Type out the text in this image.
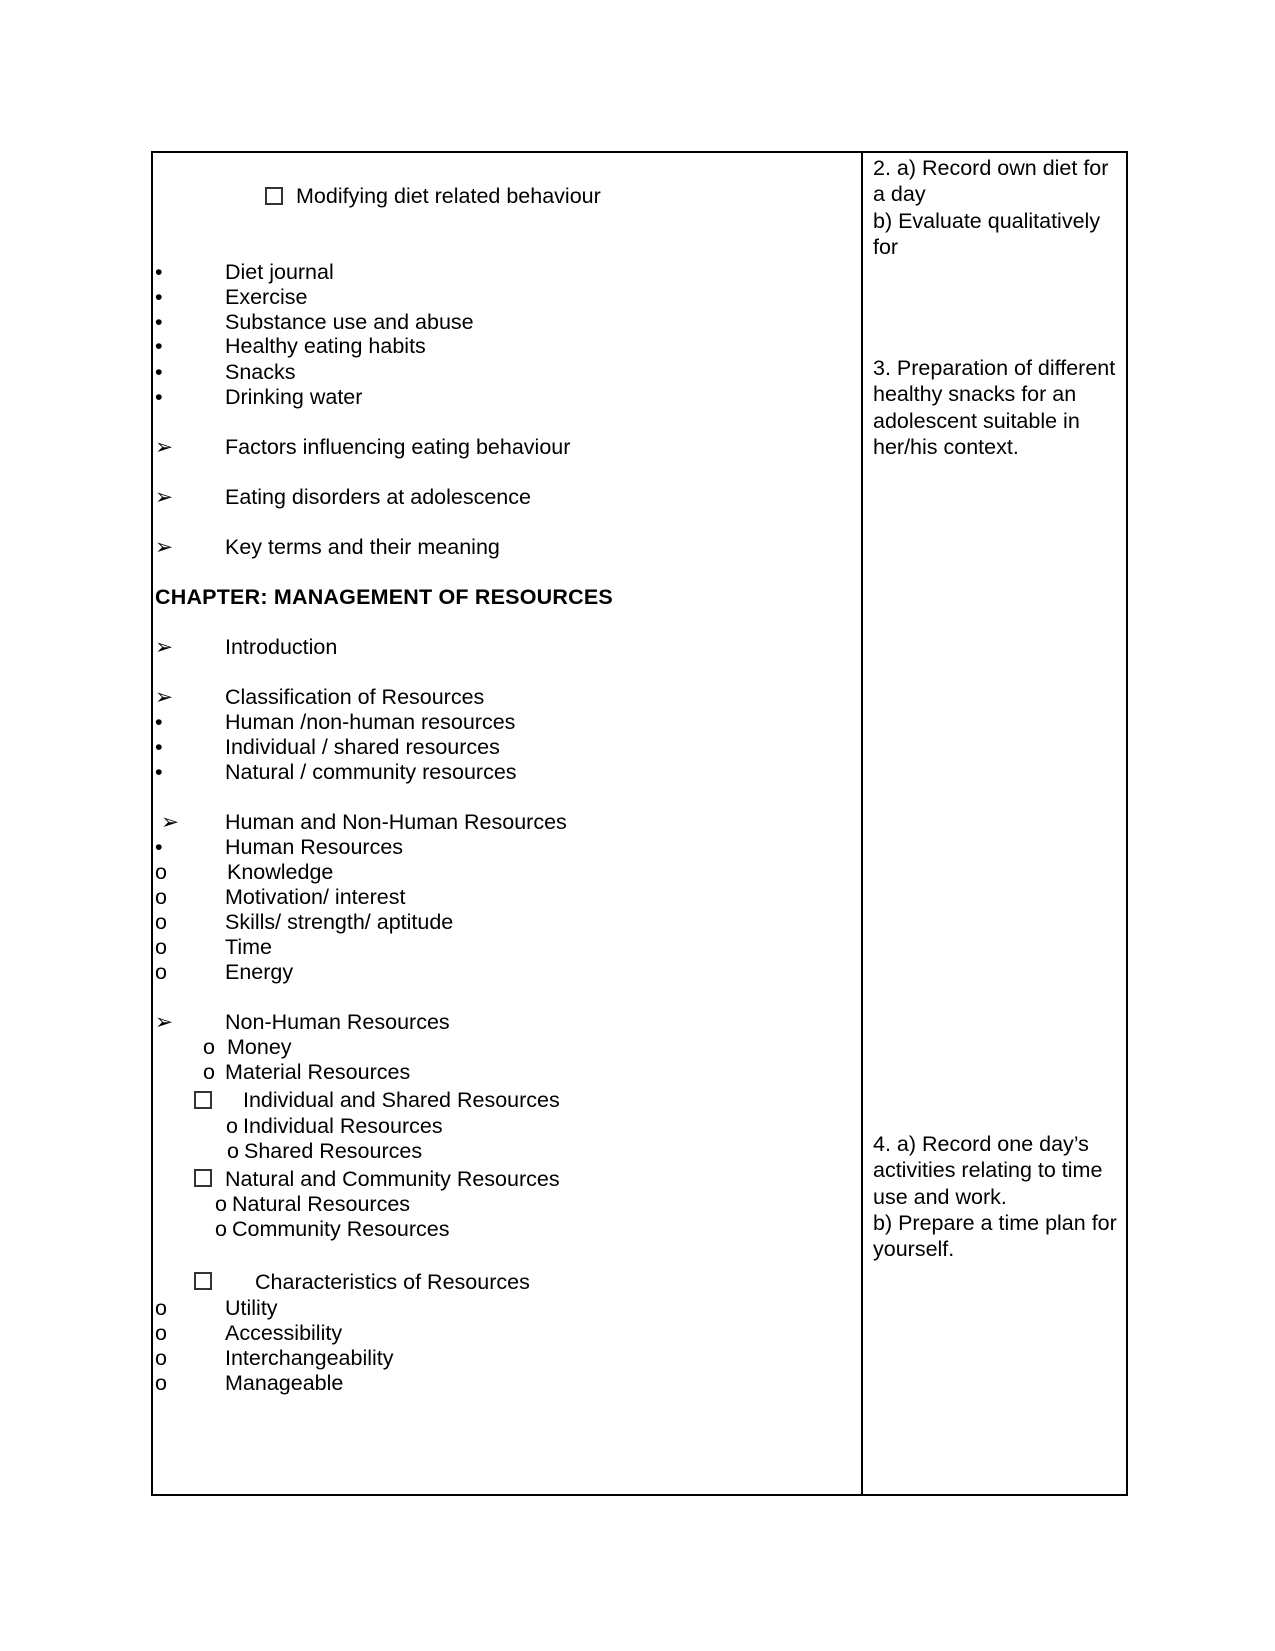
Modifying diet related behaviour

•	Diet journal

•	Exercise

•	Substance use and abuse

•	Healthy eating habits

•	Snacks

•	Drinking water

➢ Factors influencing eating behaviour

➢ Eating disorders at adolescence

➢ Key terms and their meaning

CHAPTER: MANAGEMENT OF RESOURCES

➢ Introduction

➢ Classification of Resources

•	Human /non-human resources

•	Individual / shared resources

•	Natural / community resources

➢ Human and Non-Human Resources

•	Human Resources

o	Knowledge

o	Motivation/ interest

o	Skills/ strength/ aptitude

o	Time

o	Energy

➢ Non-Human Resources

o Money

o Material Resources

Individual and Shared Resources

o Individual Resources

o Shared Resources

Natural and Community Resources

o Natural Resources

o Community Resources

Characteristics of Resources

o	Utility

o	Accessibility

o	Interchangeability

o	Manageable

2. a) Record own diet for a day
b) Evaluate qualitatively for

3. Preparation of different healthy snacks for an adolescent suitable in her/his context.

4. a) Record one day’s activities relating to time use and work.
b) Prepare a time plan for yourself.
